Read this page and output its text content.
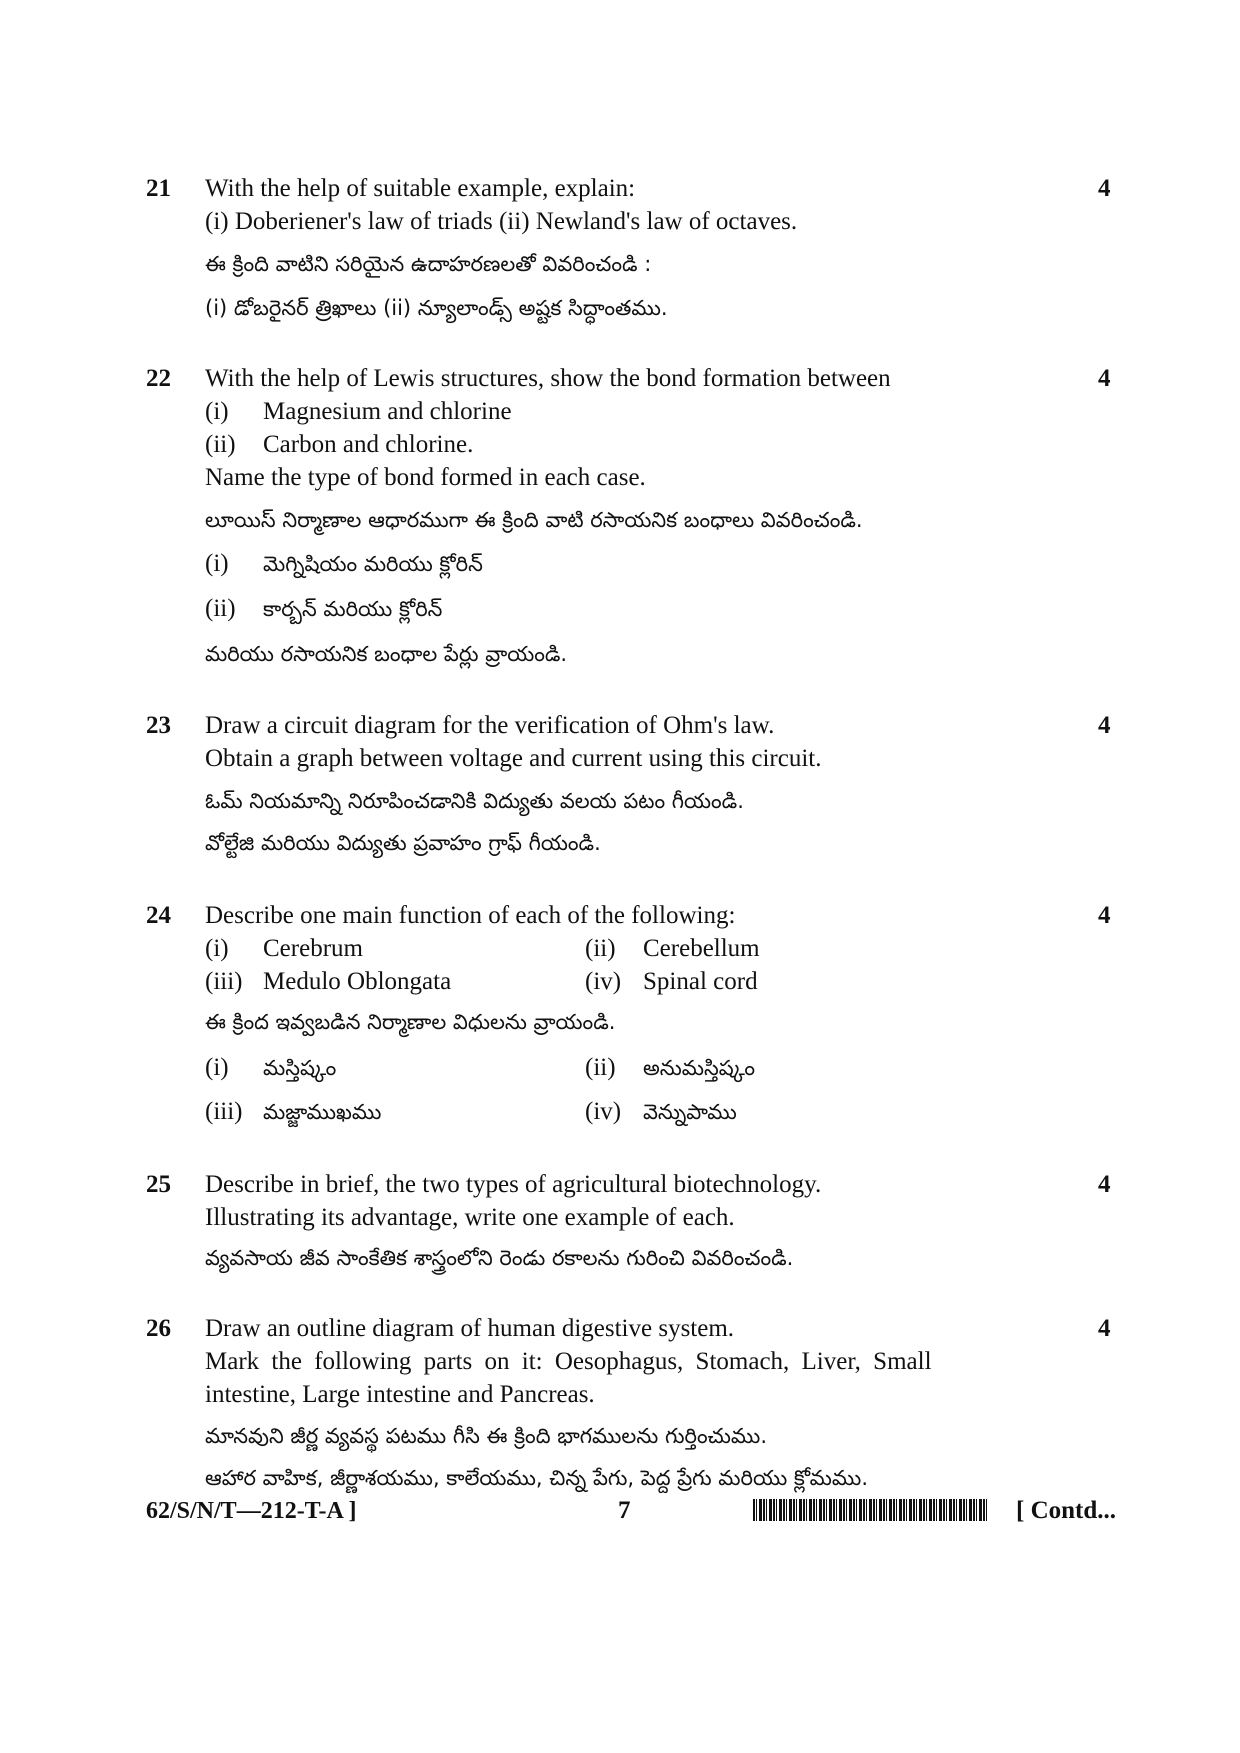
21	4
With the help of suitable example, explain:
(i) Doberiener's law of triads (ii) Newland's law of octaves.
ఈ క్రింది వాటిని సరియైన ఉదాహరణలతో వివరించండి :
(i) డోబరైనర్ త్రిఖాలు (ii) న్యూలాండ్స్ అష్టక సిద్ధాంతము.
22	4
With the help of Lewis structures, show the bond formation between
(i) Magnesium and chlorine
(ii) Carbon and chlorine.
Name the type of bond formed in each case.
లూయిస్ నిర్మాణాల ఆధారముగా ఈ క్రింది వాటి రసాయనిక బంధాలు వివరించండి.
(i) మెగ్నిషియం మరియు క్లోరిన్
(ii) కార్బన్ మరియు క్లోరిన్
మరియు రసాయనిక బంధాల పేర్లు వ్రాయండి.
23	4
Draw a circuit diagram for the verification of Ohm's law.
Obtain a graph between voltage and current using this circuit.
ఓమ్ నియమాన్ని నిరూపించడానికి విద్యుతు వలయ పటం గీయండి.
వోల్టేజి మరియు విద్యుతు ప్రవాహం గ్రాఫ్ గీయండి.
24	4
Describe one main function of each of the following:
(i) Cerebrum	(ii) Cerebellum
(iii) Medulo Oblongata	(iv) Spinal cord
ఈ క్రింద ఇవ్వబడిన నిర్మాణాల విధులను వ్రాయండి.
(i) మస్తిష్కం	(ii) అనుమస్తిష్కం
(iii) మజ్జాముఖము	(iv) వెన్నుపాము
25	4
Describe in brief, the two types of agricultural biotechnology.
Illustrating its advantage, write one example of each.
వ్యవసాయ జీవ సాంకేతిక శాస్త్రంలోని రెండు రకాలను గురించి వివరించండి.
26	4
Draw an outline diagram of human digestive system.
Mark the following parts on it: Oesophagus, Stomach, Liver, Small
intestine, Large intestine and Pancreas.
మానవుని జీర్ణ వ్యవస్థ పటము గీసి ఈ క్రింది భాగములను గుర్తించుము.
ఆహార వాహిక, జీర్ణాశయము, కాలేయము, చిన్న పేగు, పెద్ద ప్రేగు మరియు క్లోమము.
62/S/N/T—212-T-A ]	7	[ Contd...
